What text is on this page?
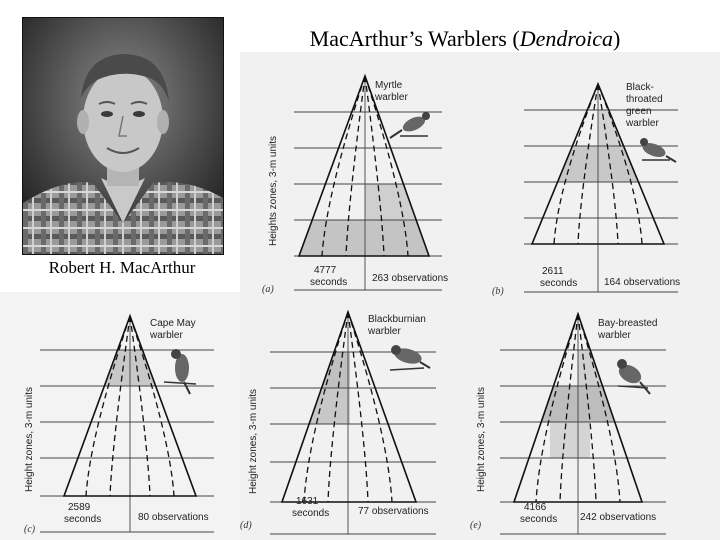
MacArthur’s Warblers (Dendroica)
Robert H. MacArthur
Myrtle
warbler
4777
seconds 263 observations
(a)
Heights zones, 3-m units
Black-
throated
green
warbler
2611
seconds	164 observations
(b)
Cape May
warbler
2589
seconds	80 observations
(c)
Height zones, 3-m units
Blackburnian
warbler
1631
seconds	77 observations
(d)
Height zones, 3-m units
Bay-breasted
warbler
4166
seconds 242 observations
(e)
Height zones, 3-m units
